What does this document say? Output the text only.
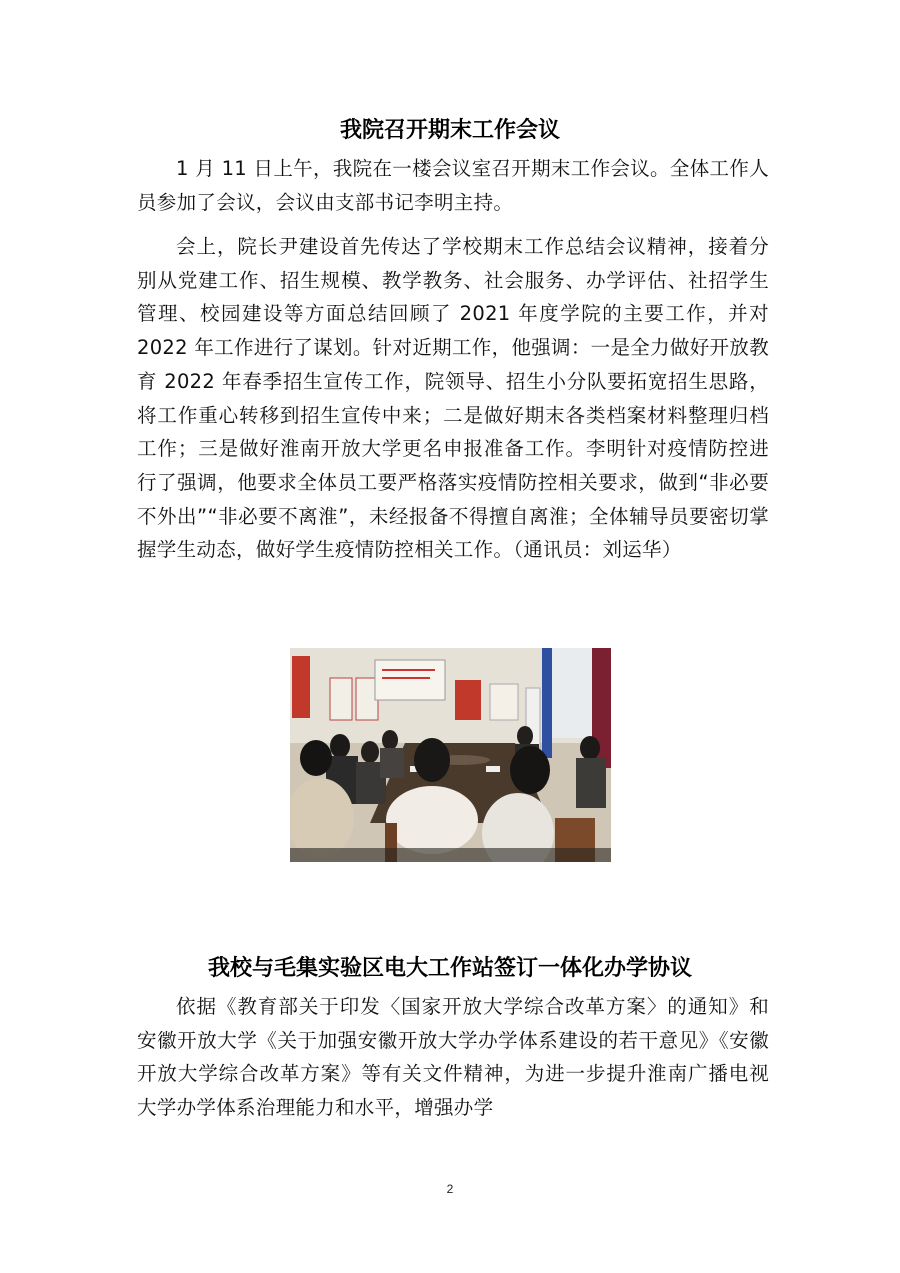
我院召开期末工作会议

1 月 11 日上午，我院在一楼会议室召开期末工作会议。全体工作人员参加了会议，会议由支部书记李明主持。

会上，院长尹建设首先传达了学校期末工作总结会议精神，接着分别从党建工作、招生规模、教学教务、社会服务、办学评估、社招学生管理、校园建设等方面总结回顾了 2021 年度学院的主要工作，并对 2022 年工作进行了谋划。针对近期工作，他强调：一是全力做好开放教育 2022 年春季招生宣传工作，院领导、招生小分队要拓宽招生思路，将工作重心转移到招生宣传中来；二是做好期末各类档案材料整理归档工作；三是做好淮南开放大学更名申报准备工作。李明针对疫情防控进行了强调，他要求全体员工要严格落实疫情防控相关要求，做到“非必要不外出”“非必要不离淮”，未经报备不得擅自离淮；全体辅导员要密切掌握学生动态，做好学生疫情防控相关工作。（通讯员：刘运华）

我校与毛集实验区电大工作站签订一体化办学协议

依据《教育部关于印发〈国家开放大学综合改革方案〉的通知》和安徽开放大学《关于加强安徽开放大学办学体系建设的若干意见》《安徽开放大学综合改革方案》等有关文件精神，为进一步提升淮南广播电视大学办学体系治理能力和水平，增强办学

2
